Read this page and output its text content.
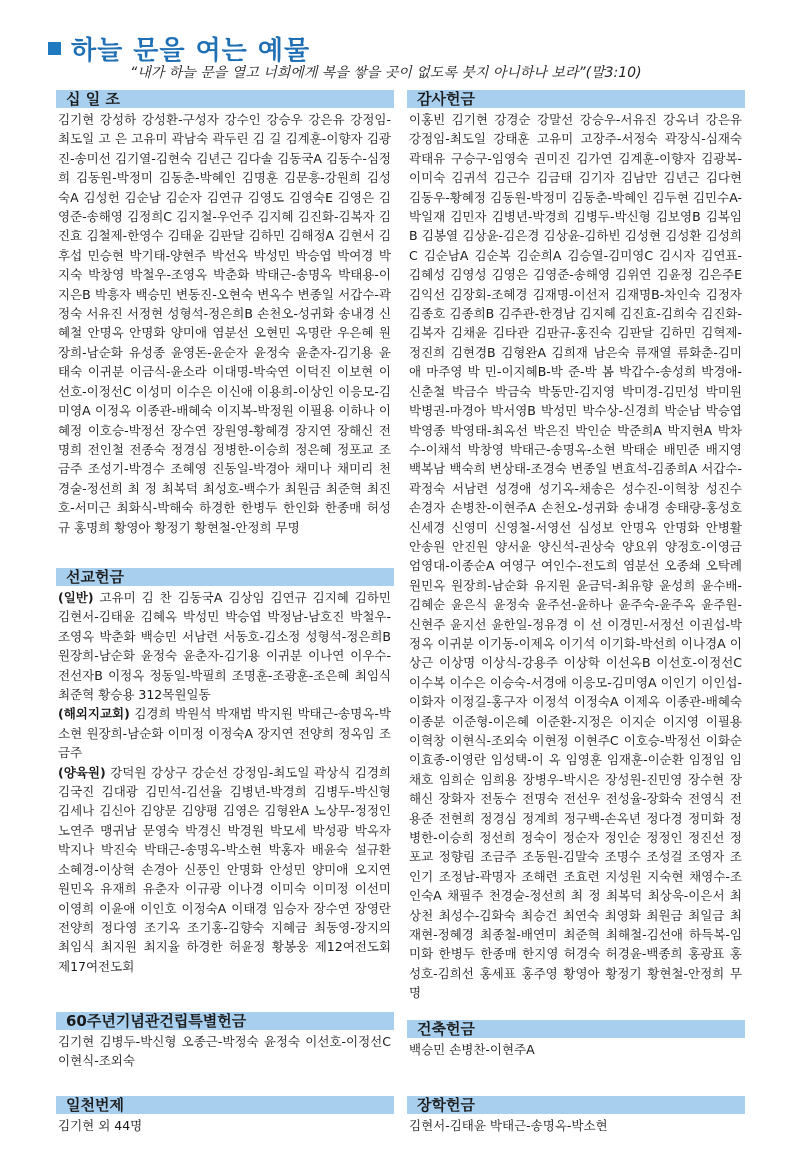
하늘 문을 여는 예물
“내가 하늘 문을 열고 너희에게 복을 쌓을 곳이 없도록 붓지 아니하나 보라”(말3:10)
십 일 조
김기현 강성하 강성환-구성자 강수인 강승우 강은유 강정임-최도일 고 은 고유미 곽남숙 곽두린 김 길 김계훈-이향자 김광진-송미선 김기열-김현숙 김년근 김다솔 김동국A 김동수-심정희 김동원-박정미 김동춘-박혜인 김명훈 김문흥-강원희 김성숙A 김성헌 김순남 김순자 김연규 김영도 김영숙E 김영은 김영준-송해영 김정희C 김지철-우언주 김지혜 김진화-김복자 김진효 김철제-한영수 김태윤 김판달 김하민 김해정A 김현서 김후섭 민승현 박기태-양현주 박선옥 박성민 박승엽 박여경 박지숙 박창영 박철우-조영옥 박춘화 박태근-송명옥 박태용-이지은B 박흥자 백승민 변동진-오현숙 변옥수 변종일 서갑수-곽정숙 서유진 서정현 성형석-정은희B 손천오-성귀화 송내경 신혜철 안명옥 안명화 양미애 염분선 오현민 옥명란 우은혜 원장희-남순화 유성종 윤영돈-윤순자 윤정숙 윤춘자-김기용 윤태숙 이귀분 이금식-윤소라 이대명-박숙연 이덕진 이보현 이선호-이정선C 이성미 이수은 이신애 이용희-이상인 이응모-김미영A 이정옥 이종관-배혜숙 이지복-박정원 이필용 이하나 이혜정 이호승-박정선 장수연 장원영-황혜경 장지연 장해신 전명희 전인철 전종숙 정경심 정병한-이승희 정은혜 정포교 조금주 조성기-박경수 조혜영 진동일-박경아 채미나 채미리 천경술-정선희 최 정 최복덕 최성호-백수가 최원금 최준혁 최진호-서미근 최화식-박해숙 하경한 한병두 한인화 한종매 허성규 홍명희 황영아 황정기 황현철-안정희 무명
선교헌금
(일반) 고유미 김 찬 김동국A 김상임 김연규 김지혜 김하민 김현서-김태윤 김혜옥 박성민 박승엽 박정남-남호진 박철우-조영옥 박춘화 백승민 서남련 서동호-김소정 성형석-정은희B 원장희-남순화 윤정숙 윤춘자-김기용 이귀분 이나연 이우수-전선자B 이정옥 정동일-박필희 조명훈-조광훈-조은혜 최임식 최준혁 황승용 312목원일동
(해외지교회) 김경희 박원석 박재범 박지원 박태근-송명옥-박소현 원장희-남순화 이미정 이정숙A 장지연 전양희 정옥임 조금주
(양육원) 강덕원 강상구 강순선 강정임-최도일 곽상식 김경희 김국진 김대광 김민석-김선율 김병년-박경희 김병두-박신형 김세나 김신아 김양문 김양평 김영은 김형완A 노상무-정정인 노연주 맹귀남 문영숙 박경신 박경원 박모세 박성광 박옥자 박지나 박진숙 박태근-송명옥-박소현 박홍자 배윤숙 설규환 소혜경-이상혁 손경아 신풍인 안명화 안성민 양미애 오지연 원민옥 유재희 유춘자 이규광 이나경 이미숙 이미정 이선미 이영희 이윤애 이인호 이정숙A 이태경 임승자 장수연 장영란 전양희 정다영 조기옥 조기홍-김향숙 지혜금 최동영-장지의 최임식 최지원 최지율 하경한 허윤정 황봉웅 제12여전도회 제17여전도회
60주년기념관건립특별헌금
김기현 김병두-박신형 오종근-박정숙 윤정숙 이선호-이정선C 이현식-조외숙
일천번제
김기현 외 44명
감사헌금
이홍빈 김기현 강경순 강말선 강승우-서유진 강옥녀 강은유 강정임-최도일 강태훈 고유미 고장주-서정숙 곽장식-심재숙 곽태유 구승구-임영숙 권미진 김가연 김계훈-이향자 김광복-이미숙 김귀석 김근수 김금태 김기자 김남만 김년근 김다현 김동우-황혜정 김동원-박정미 김동춘-박혜인 김두현 김민수A-박일재 김민자 김병년-박경희 김병두-박신형 김보영B 김복임B 김봉열 김상윤-김은경 김상윤-김하빈 김성현 김성환 김성희C 김순남A 김순복 김순희A 김승열-김미영C 김시자 김연표-김혜성 김영성 김영은 김영준-송해영 김위연 김윤정 김은주E 김익선 김장회-조혜경 김재명-이선저 김재명B-차인숙 김정자 김종호 김종희B 김주관-한경남 김지혜 김진효-김희숙 김진화-김복자 김채윤 김타관 김판규-홍진숙 김판달 김하민 김혁제-정진희 김현경B 김형완A 김희재 남은숙 류재열 류화춘-김미애 마주영 박 민-이지혜B-박 준-박 봄 박갑수-송성희 박경애-신춘철 박금수 박금숙 박동만-김지영 박미경-김민성 박미원 박병권-마경아 박서영B 박성민 박수상-신경희 박순남 박승엽 박영종 박영태-최옥선 박은진 박인순 박준희A 박지현A 박차수-이채석 박창영 박태근-송명옥-소현 박태순 배민준 배지영 백복남 백숙희 변상태-조경숙 변종일 변효석-김종희A 서갑수-곽정숙 서남련 성경애 성기옥-채송은 성수진-이혁창 성진수 손경자 손병찬-이현주A 손천오-성귀화 송내경 송태량-홍성호 신세경 신영미 신영철-서영선 심성보 안명옥 안명화 안병활 안송원 안진원 양서윤 양신석-권상숙 양요위 양정호-이영금 엄영대-이종순A 여영구 여인수-전도희 염분선 오종쇄 오탁례 원민옥 원장희-남순화 유지원 윤금덕-최유향 윤성희 윤수배-김혜순 윤은식 윤정숙 윤주선-윤하나 윤주숙-윤주옥 윤주원-신현주 윤지선 윤한일-정유경 이 선 이경민-서정선 이권섭-박정옥 이귀분 이기동-이제옥 이기석 이기화-박선희 이나경A 이상근 이상명 이상식-강용주 이상학 이선옥B 이선호-이정선C 이수복 이수은 이승숙-서경애 이응모-김미영A 이인기 이인섭-이화자 이정길-홍구자 이정석 이정숙A 이제옥 이종관-배혜숙 이종분 이준형-이은혜 이준환-지정은 이지순 이지영 이필용 이혁창 이현식-조외숙 이현정 이현주C 이호승-박정선 이화순 이효종-이영란 임성택-이 옥 임영훈 임재훈-이순환 임정임 임채호 임희순 임희용 장병우-박시은 장성원-진민영 장수현 장해신 장화자 전동수 전명숙 전선우 전성율-장화숙 전영식 전용준 전현희 정경심 정계희 정구백-손옥년 정다경 정미화 정병한-이승희 정선희 정숙이 정순자 정인순 정정인 정진선 정포교 정향림 조금주 조동원-김말숙 조명수 조성걸 조영자 조인기 조정남-곽명자 조해련 조효련 지성원 지숙현 채영수-조인숙A 채필주 천경술-정선희 최 정 최복덕 최상욱-이은서 최상천 최성수-김화숙 최승건 최연숙 최영화 최원금 최일금 최재현-정혜경 최종철-배연미 최준혁 최해철-김선애 하득복-임미화 한병두 한종매 한지영 허경숙 허경윤-백종희 홍광표 홍성호-김희선 홍세표 홍주영 황영아 황정기 황현철-안정희 무명
건축헌금
백승민 손병찬-이현주A
장학헌금
김현서-김태윤 박태근-송명옥-박소현
